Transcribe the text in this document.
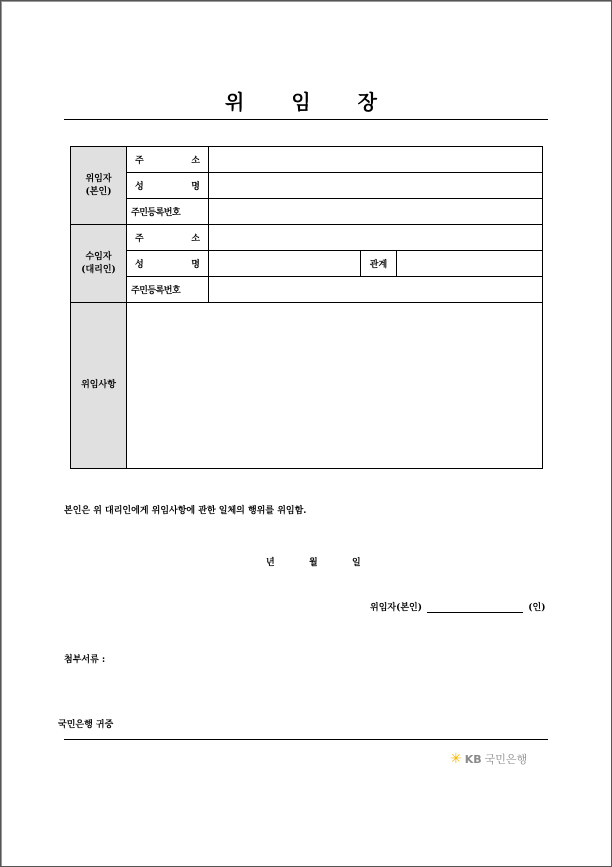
위 임 장
위임자
(본인)	주 소			
	성 명			
	주민등록번호			

수임자
(대리인)	주 소			
	성 명		관계	
	주민등록번호			
위임사항				
본인은 위 대리인에게 위임사항에 관한 일체의 행위를 위임함.
년	월	일
위임자(본인)	(인)
첨부서류 :
국민은행 귀중
✳ KB 국민은행
